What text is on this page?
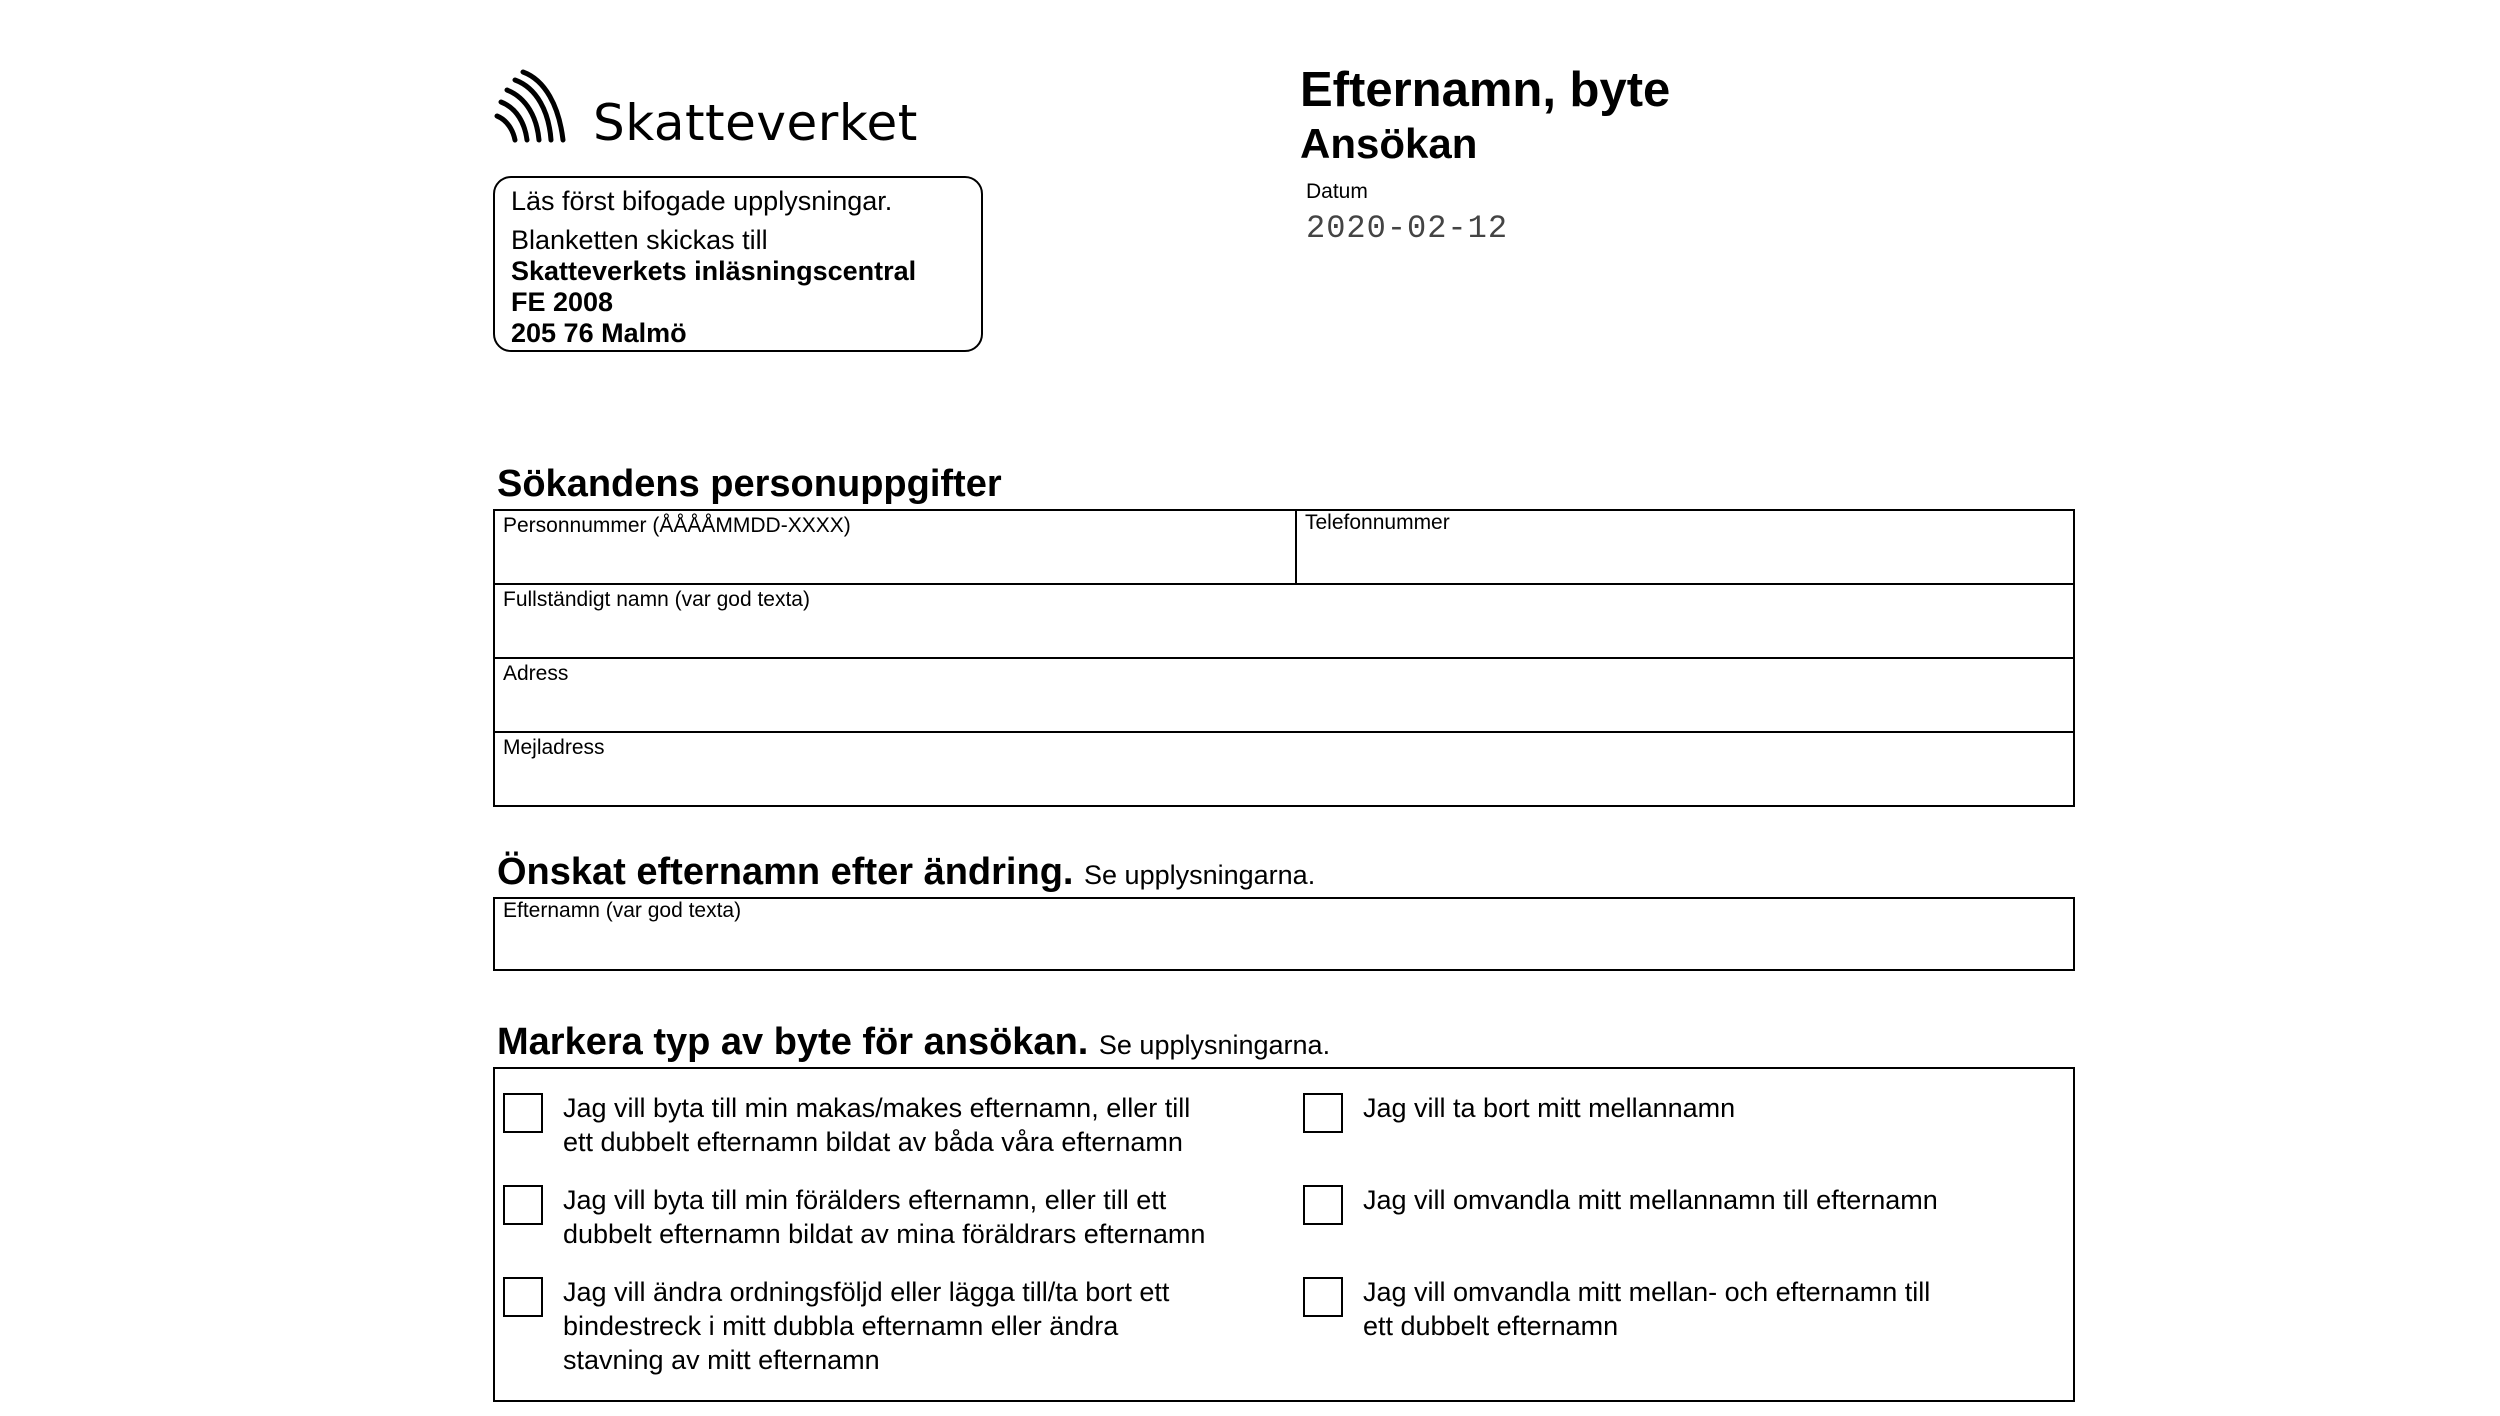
Skatteverket
Läs först bifogade upplysningar.
Blanketten skickas till
Skatteverkets inläsningscentral
FE 2008
205 76 Malmö
Efternamn, byte
Ansökan
Datum
2020-02-12
Sökandens personuppgifter
Personnummer (ÅÅÅÅMMDD-XXXX)	Telefonnummer
Fullständigt namn (var god texta)
Adress
Mejladress
Önskat efternamn efter ändring. Se upplysningarna.
Efternamn (var god texta)
Markera typ av byte för ansökan. Se upplysningarna.
Jag vill byta till min makas/makes efternamn, eller till
ett dubbelt efternamn bildat av båda våra efternamn
Jag vill byta till min förälders efternamn, eller till ett
dubbelt efternamn bildat av mina föräldrars efternamn
Jag vill ändra ordningsföljd eller lägga till/ta bort ett
bindestreck i mitt dubbla efternamn eller ändra
stavning av mitt efternamn
Jag vill ta bort mitt mellannamn
Jag vill omvandla mitt mellannamn till efternamn
Jag vill omvandla mitt mellan- och efternamn till
ett dubbelt efternamn
